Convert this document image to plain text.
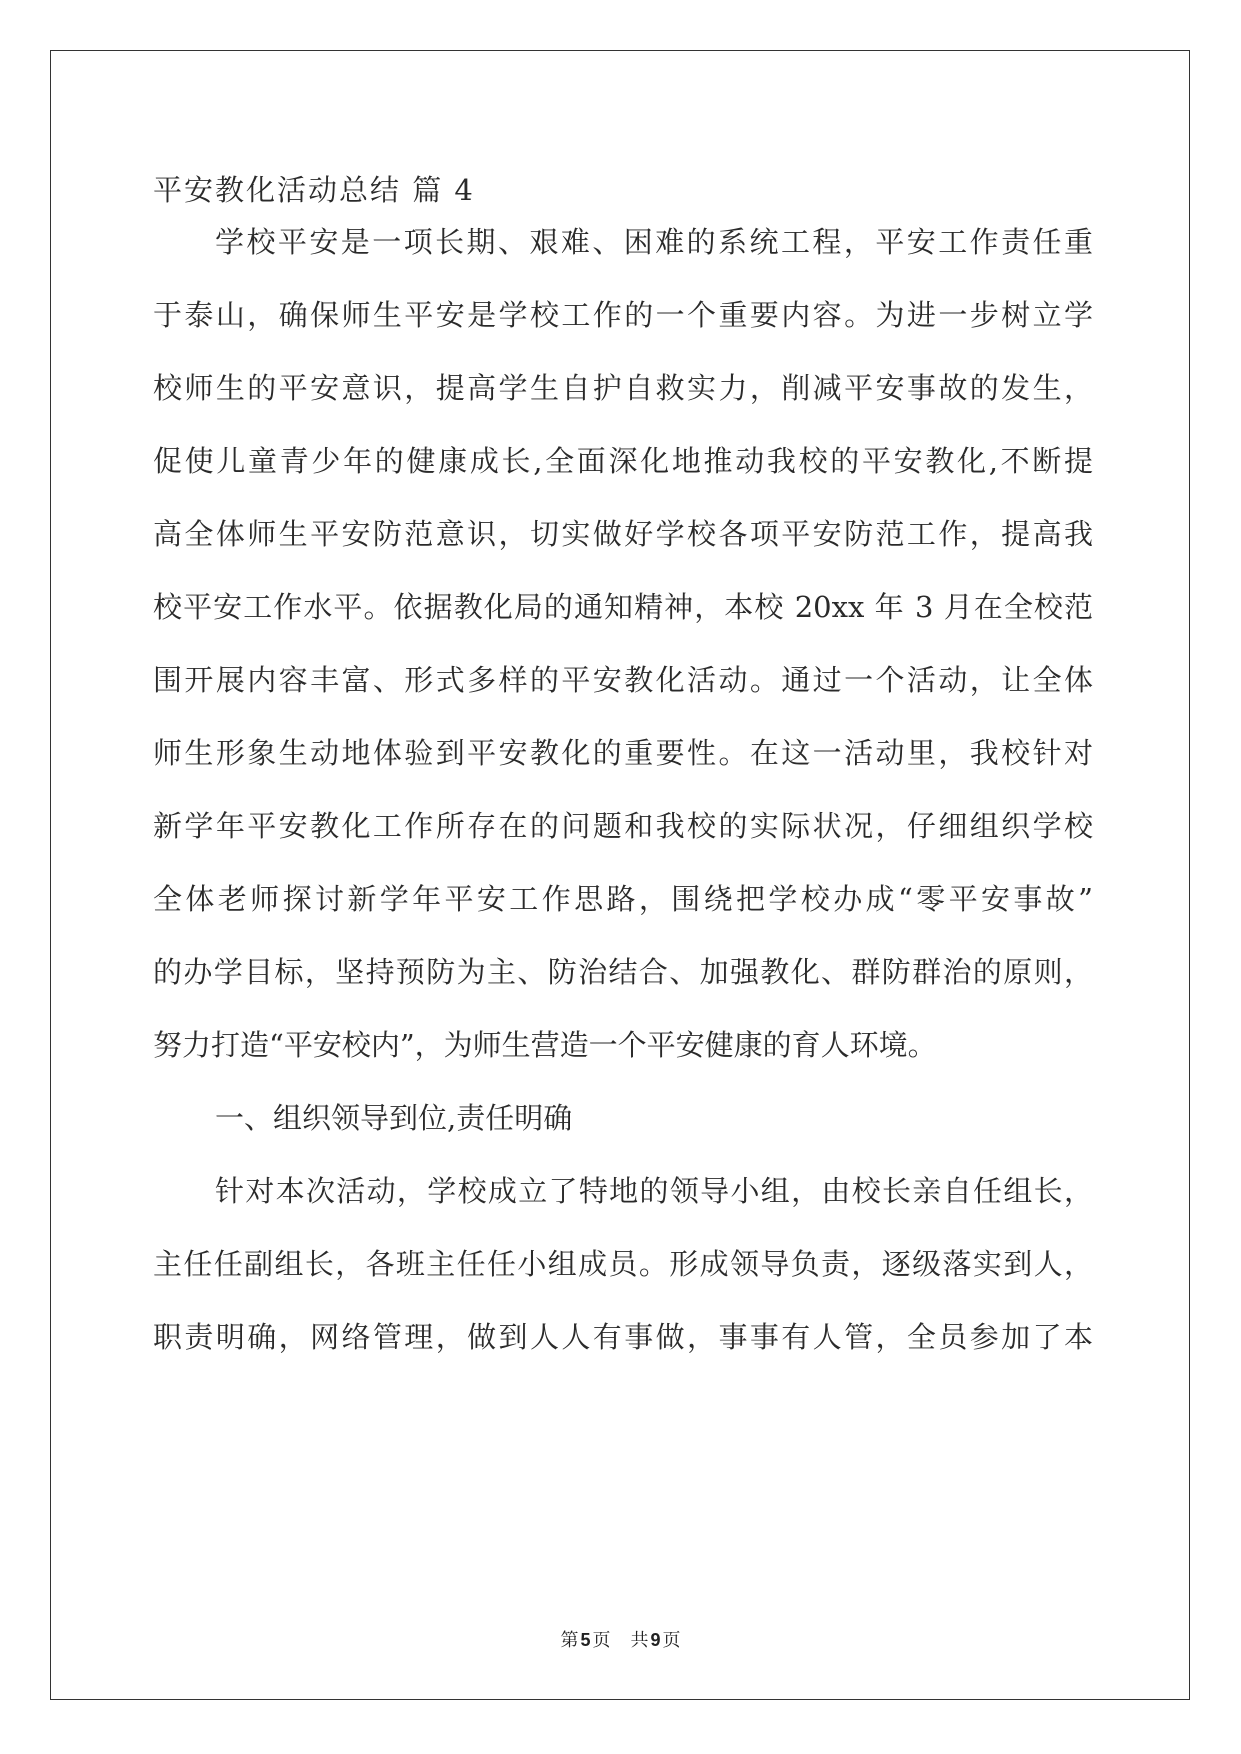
平安教化活动总结 篇 4
学校平安是一项长期、艰难、困难的系统工程，平安工作责任重
于泰山，确保师生平安是学校工作的一个重要内容。为进一步树立学
校师生的平安意识，提高学生自护自救实力，削减平安事故的发生，
促使儿童青少年的健康成长,全面深化地推动我校的平安教化,不断提
高全体师生平安防范意识，切实做好学校各项平安防范工作，提高我
校平安工作水平。依据教化局的通知精神，本校 20xx 年 3 月在全校范
围开展内容丰富、形式多样的平安教化活动。通过一个活动，让全体
师生形象生动地体验到平安教化的重要性。在这一活动里，我校针对
新学年平安教化工作所存在的问题和我校的实际状况，仔细组织学校
全体老师探讨新学年平安工作思路，围绕把学校办成“零平安事故”
的办学目标，坚持预防为主、防治结合、加强教化、群防群治的原则，
努力打造“平安校内”，为师生营造一个平安健康的育人环境。
一、组织领导到位,责任明确
针对本次活动，学校成立了特地的领导小组，由校长亲自任组长，
主任任副组长，各班主任任小组成员。形成领导负责，逐级落实到人，
职责明确，网络管理，做到人人有事做，事事有人管，全员参加了本
第 5 页 共 9 页
